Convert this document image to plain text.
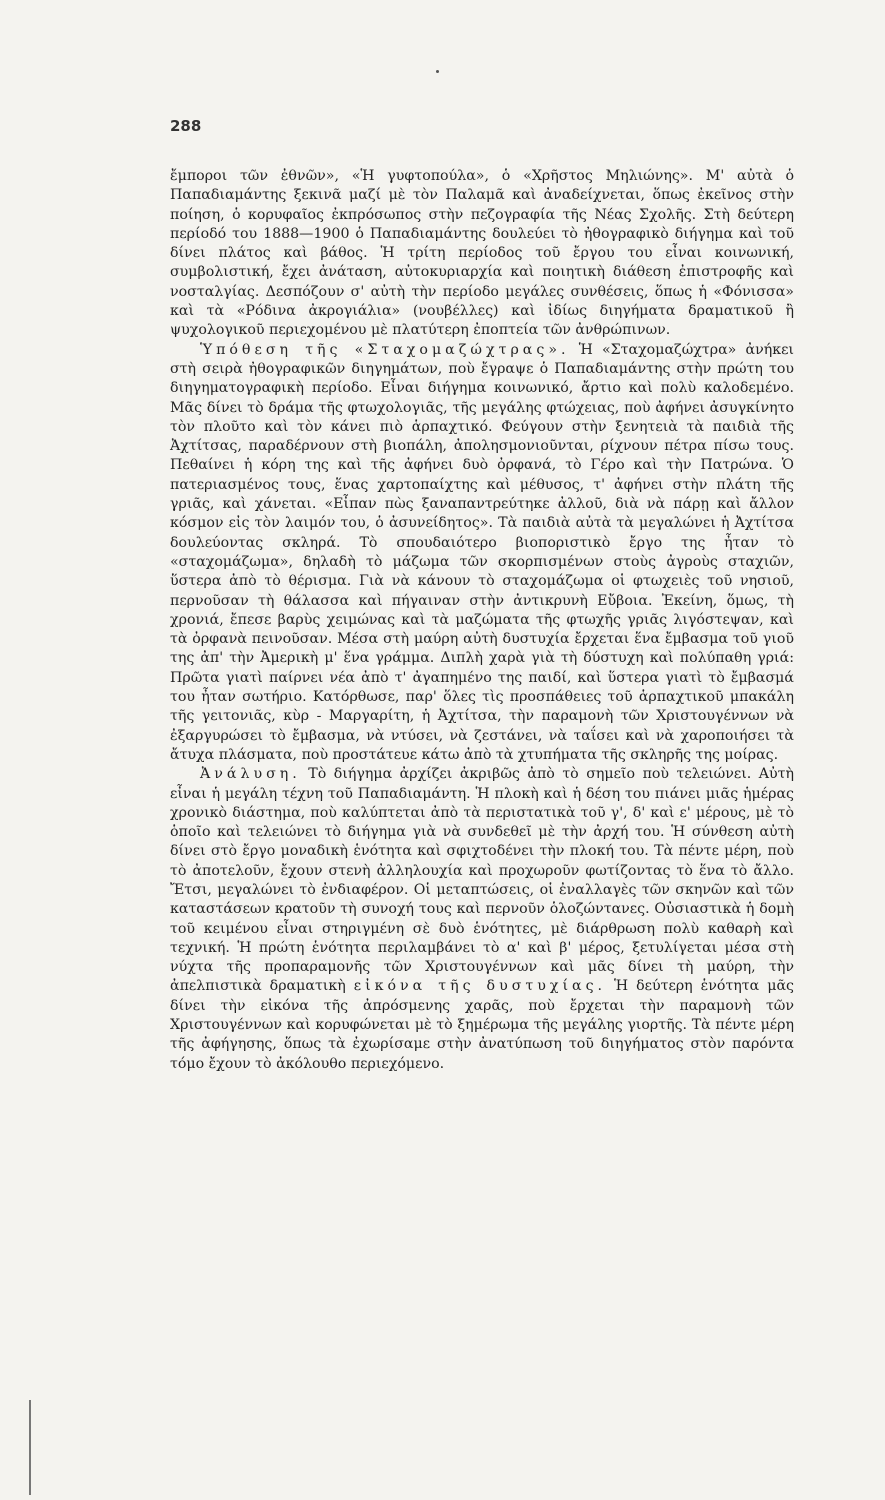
288

ἔμποροι τῶν ἐθνῶν», «Ἡ γυφτοπούλα», ὁ «Χρῆστος Μηλιώνης». Μ' αὐτὰ ὁ Παπαδιαμάντης ξεκινᾶ μαζί μὲ τὸν Παλαμᾶ καὶ ἀναδείχνεται, ὅπως ἐκεῖνος στὴν ποίηση, ὁ κορυφαῖος ἐκπρόσωπος στὴν πεζογραφία τῆς Νέας Σχολῆς. Στὴ δεύτερη περίοδό του 1888—1900 ὁ Παπαδιαμάντης δουλεύει τὸ ἠθογραφικὸ διήγημα καὶ τοῦ δίνει πλάτος καὶ βάθος. Ἡ τρίτη περίοδος τοῦ ἔργου του εἶναι κοινωνική, συμβολιστική, ἔχει ἀνάταση, αὐτοκυριαρχία καὶ ποιητικὴ διάθεση ἐπιστροφῆς καὶ νοσταλγίας. Δεσπόζουν σ' αὐτὴ τὴν περίοδο μεγάλες συνθέσεις, ὅπως ἡ «Φόνισσα» καὶ τὰ «Ρόδινα ἀκρογιάλια» (νουβέλλες) καὶ ἰδίως διηγήματα δραματικοῦ ἢ ψυχολογικοῦ περιεχομένου μὲ πλατύτερη ἐποπτεία τῶν ἀνθρώπινων.

Ὑπόθεση τῆς «Σταχομαζώχτρας». Ἡ «Σταχομαζώχτρα» ἀνήκει στὴ σειρὰ ἠθογραφικῶν διηγημάτων, ποὺ ἔγραψε ὁ Παπαδιαμάντης στὴν πρώτη του διηγηματογραφικὴ περίοδο. Εἶναι διήγημα κοινωνικό, ἄρτιο καὶ πολὺ καλοδεμένο. Μᾶς δίνει τὸ δράμα τῆς φτωχολογιᾶς, τῆς μεγάλης φτώχειας, ποὺ ἀφήνει ἀσυγκίνητο τὸν πλοῦτο καὶ τὸν κάνει πιὸ ἁρπαχτικό. Φεύγουν στὴν ξενητειὰ τὰ παιδιὰ τῆς Ἀχτίτσας, παραδέρνουν στὴ βιοπάλη, ἀπολησμονιοῦνται, ρίχνουν πέτρα πίσω τους. Πεθαίνει ἡ κόρη της καὶ τῆς ἀφήνει δυὸ ὀρφανά, τὸ Γέρο καὶ τὴν Πατρώνα. Ὁ πατεριασμένος τους, ἕνας χαρτοπαίχτης καὶ μέθυσος, τ' ἀφήνει στὴν πλάτη τῆς γριᾶς, καὶ χάνεται. «Εἶπαν πὼς ξαναπαντρεύτηκε ἀλλοῦ, διὰ νὰ πάρῃ καὶ ἄλλον κόσμον εἰς τὸν λαιμόν του, ὁ ἀσυνείδητος». Τὰ παιδιὰ αὐτὰ τὰ μεγαλώνει ἡ Ἀχτίτσα δουλεύοντας σκληρά. Τὸ σπουδαιότερο βιοποριστικὸ ἔργο της ἦταν τὸ «σταχομάζωμα», δηλαδὴ τὸ μάζωμα τῶν σκορπισμένων στοὺς ἀγροὺς σταχιῶν, ὕστερα ἀπὸ τὸ θέρισμα. Γιὰ νὰ κάνουν τὸ σταχομάζωμα οἱ φτωχειὲς τοῦ νησιοῦ, περνοῦσαν τὴ θάλασσα καὶ πήγαιναν στὴν ἀντικρυνὴ Εὔβοια. Ἐκείνη, ὅμως, τὴ χρονιά, ἔπεσε βαρὺς χειμώνας καὶ τὰ μαζώματα τῆς φτωχῆς γριᾶς λιγόστεψαν, καὶ τὰ ὀρφανὰ πεινοῦσαν. Μέσα στὴ μαύρη αὐτὴ δυστυχία ἔρχεται ἕνα ἔμβασμα τοῦ γιοῦ της ἀπ' τὴν Ἀμερικὴ μ' ἕνα γράμμα. Διπλὴ χαρὰ γιὰ τὴ δύστυχη καὶ πολύπαθη γριά: Πρῶτα γιατὶ παίρνει νέα ἀπὸ τ' ἀγαπημένο της παιδί, καὶ ὕστερα γιατὶ τὸ ἔμβασμά του ἦταν σωτήριο. Κατόρθωσε, παρ' ὅλες τὶς προσπάθειες τοῦ ἁρπαχτικοῦ μπακάλη τῆς γειτονιᾶς, κὺρ - Μαργαρίτη, ἡ Ἀχτίτσα, τὴν παραμονὴ τῶν Χριστουγέννων νὰ ἐξαργυρώσει τὸ ἔμβασμα, νὰ ντύσει, νὰ ζεστάνει, νὰ ταΐσει καὶ νὰ χαροποιήσει τὰ ἄτυχα πλάσματα, ποὺ προστάτευε κάτω ἀπὸ τὰ χτυπήματα τῆς σκληρῆς της μοίρας.

Ἀνάλυση. Τὸ διήγημα ἀρχίζει ἀκριβῶς ἀπὸ τὸ σημεῖο ποὺ τελειώνει. Αὐτὴ εἶναι ἡ μεγάλη τέχνη τοῦ Παπαδιαμάντη. Ἡ πλοκὴ καὶ ἡ δέση του πιάνει μιᾶς ἡμέρας χρονικὸ διάστημα, ποὺ καλύπτεται ἀπὸ τὰ περιστατικὰ τοῦ γ', δ' καὶ ε' μέρους, μὲ τὸ ὁποῖο καὶ τελειώνει τὸ διήγημα γιὰ νὰ συνδεθεῖ μὲ τὴν ἀρχή του. Ἡ σύνθεση αὐτὴ δίνει στὸ ἔργο μοναδικὴ ἑνότητα καὶ σφιχτοδένει τὴν πλοκή του. Τὰ πέντε μέρη, ποὺ τὸ ἀποτελοῦν, ἔχουν στενὴ ἀλληλουχία καὶ προχωροῦν φωτίζοντας τὸ ἕνα τὸ ἄλλο. Ἔτσι, μεγαλώνει τὸ ἐνδιαφέρον. Οἱ μεταπτώσεις, οἱ ἐναλλαγὲς τῶν σκηνῶν καὶ τῶν καταστάσεων κρατοῦν τὴ συνοχή τους καὶ περνοῦν ὁλοζώντανες. Οὐσιαστικὰ ἡ δομὴ τοῦ κειμένου εἶναι στηριγμένη σὲ δυὸ ἑνότητες, μὲ διάρθρωση πολὺ καθαρὴ καὶ τεχνική. Ἡ πρώτη ἑνότητα περιλαμβάνει τὸ α' καὶ β' μέρος, ξετυλίγεται μέσα στὴ νύχτα τῆς προπαραμονῆς τῶν Χριστουγέννων καὶ μᾶς δίνει τὴ μαύρη, τὴν ἀπελπιστικὰ δραματικὴ εἰκόνα τῆς δυστυχίας. Ἡ δεύτερη ἑνότητα μᾶς δίνει τὴν εἰκόνα τῆς ἀπρόσμενης χαρᾶς, ποὺ ἔρχεται τὴν παραμονὴ τῶν Χριστουγέννων καὶ κορυφώνεται μὲ τὸ ξημέρωμα τῆς μεγάλης γιορτῆς. Τὰ πέντε μέρη τῆς ἀφήγησης, ὅπως τὰ ἐχωρίσαμε στὴν ἀνατύπωση τοῦ διηγήματος στὸν παρόντα τόμο ἔχουν τὸ ἀκόλουθο περιεχόμενο.
